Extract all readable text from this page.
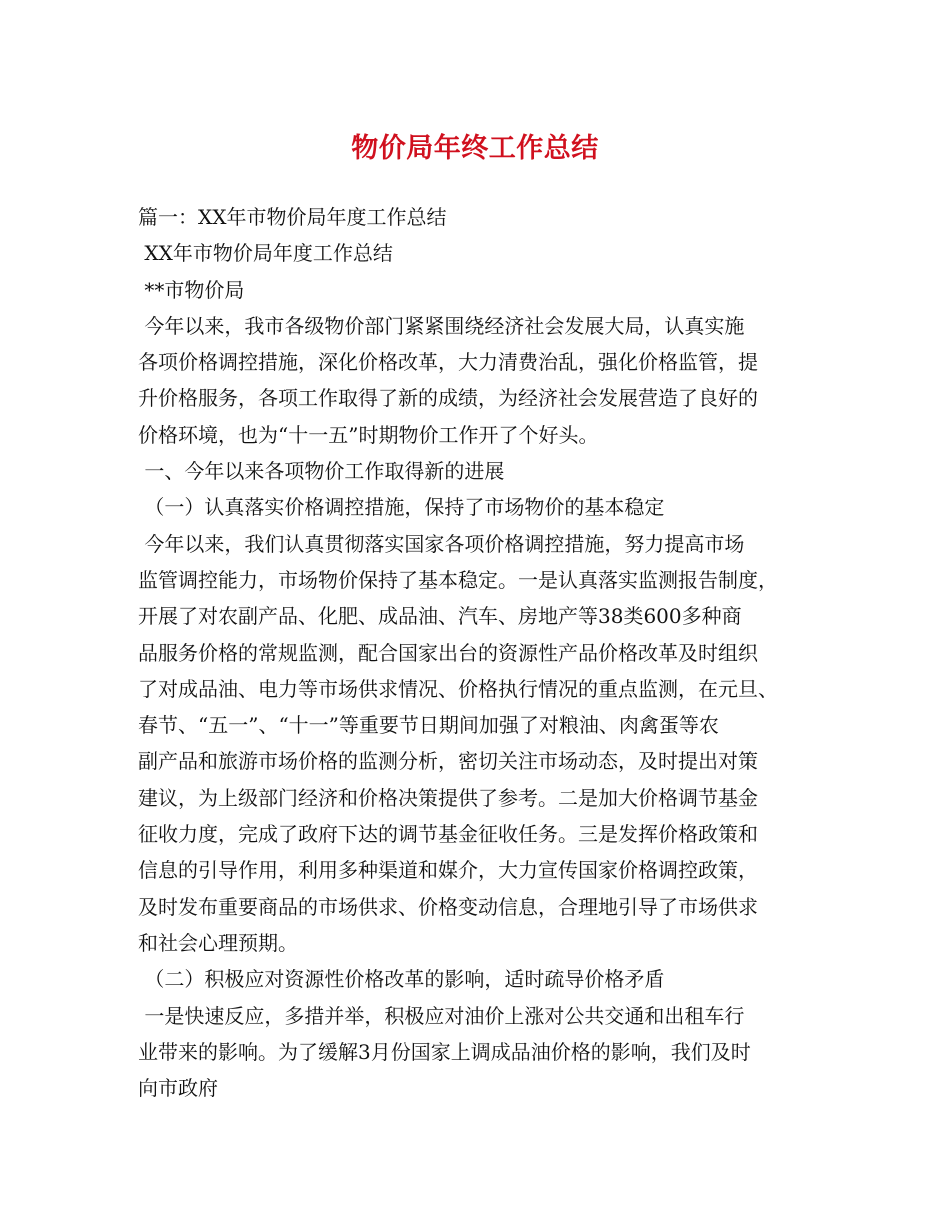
物价局年终工作总结
篇一：XX年市物价局年度工作总结
XX年市物价局年度工作总结
**市物价局
今年以来，我市各级物价部门紧紧围绕经济社会发展大局，认真实施
各项价格调控措施，深化价格改革，大力清费治乱，强化价格监管，提
升价格服务，各项工作取得了新的成绩，为经济社会发展营造了良好的
价格环境，也为“十一五”时期物价工作开了个好头。
一、今年以来各项物价工作取得新的进展
（一）认真落实价格调控措施，保持了市场物价的基本稳定
今年以来，我们认真贯彻落实国家各项价格调控措施，努力提高市场
监管调控能力，市场物价保持了基本稳定。一是认真落实监测报告制度，
开展了对农副产品、化肥、成品油、汽车、房地产等38类600多种商
品服务价格的常规监测，配合国家出台的资源性产品价格改革及时组织
了对成品油、电力等市场供求情况、价格执行情况的重点监测，在元旦、
春节、“五一”、“十一”等重要节日期间加强了对粮油、肉禽蛋等农
副产品和旅游市场价格的监测分析，密切关注市场动态，及时提出对策
建议，为上级部门经济和价格决策提供了参考。二是加大价格调节基金
征收力度，完成了政府下达的调节基金征收任务。三是发挥价格政策和
信息的引导作用，利用多种渠道和媒介，大力宣传国家价格调控政策，
及时发布重要商品的市场供求、价格变动信息，合理地引导了市场供求
和社会心理预期。
（二）积极应对资源性价格改革的影响，适时疏导价格矛盾
一是快速反应，多措并举，积极应对油价上涨对公共交通和出租车行
业带来的影响。为了缓解3月份国家上调成品油价格的影响，我们及时
向市政府
